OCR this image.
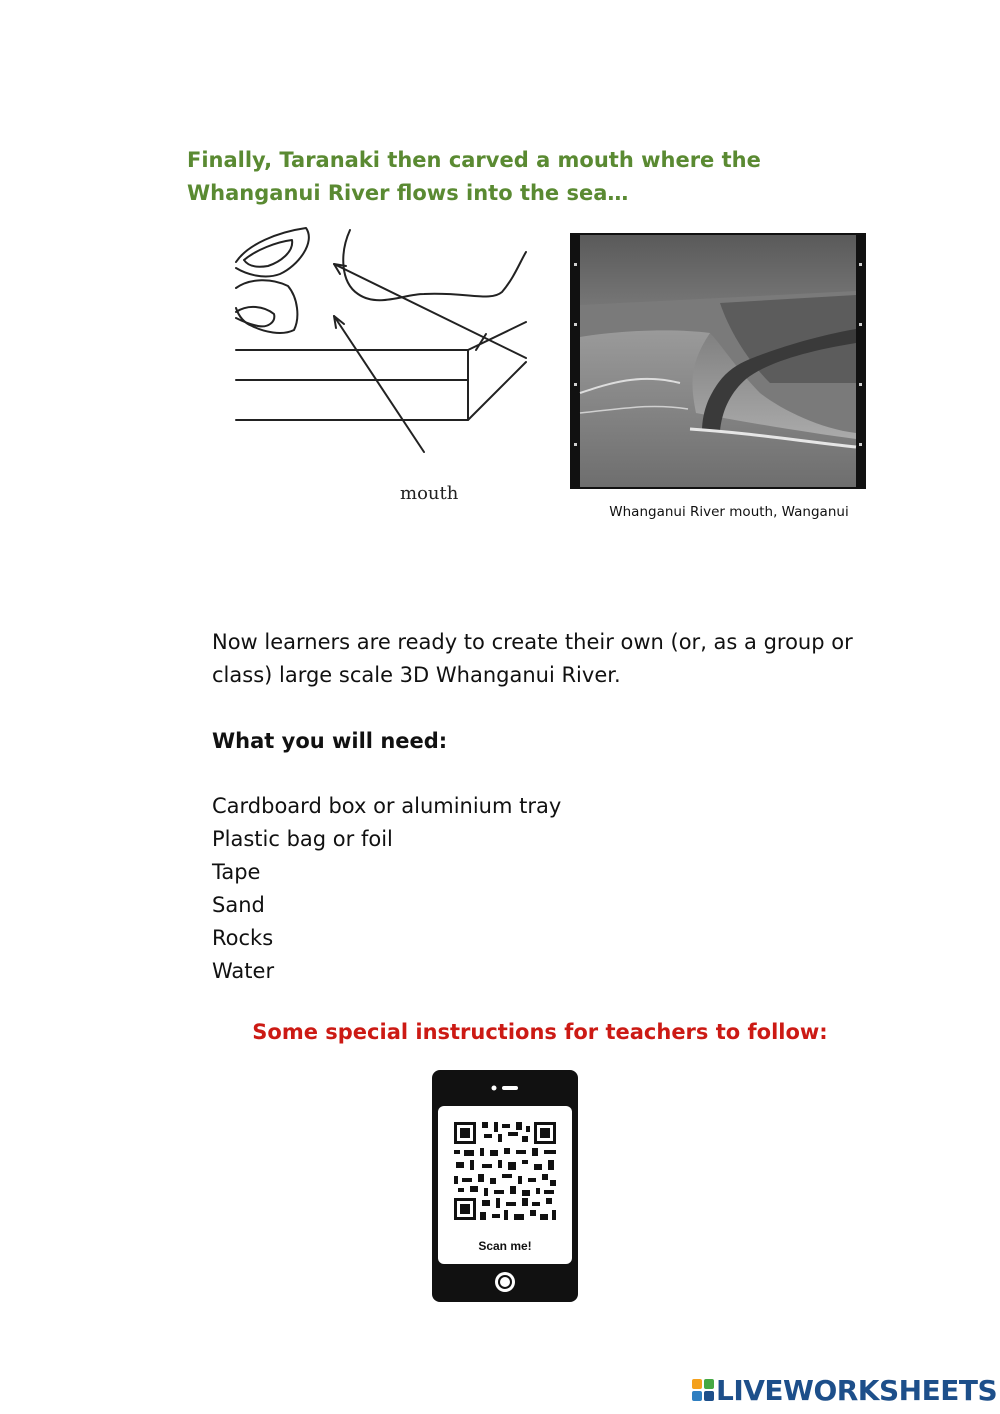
Finally, Taranaki then carved a mouth where the Whanganui River flows into the sea…
mouth
Whanganui River mouth, Wanganui
Now learners are ready to create their own (or, as a group or class) large scale 3D Whanganui River.
What you will need:
Cardboard box or aluminium tray
Plastic bag or foil
Tape
Sand
Rocks
Water
Some special instructions for teachers to follow:
Scan me!
LIVEWORKSHEETS
